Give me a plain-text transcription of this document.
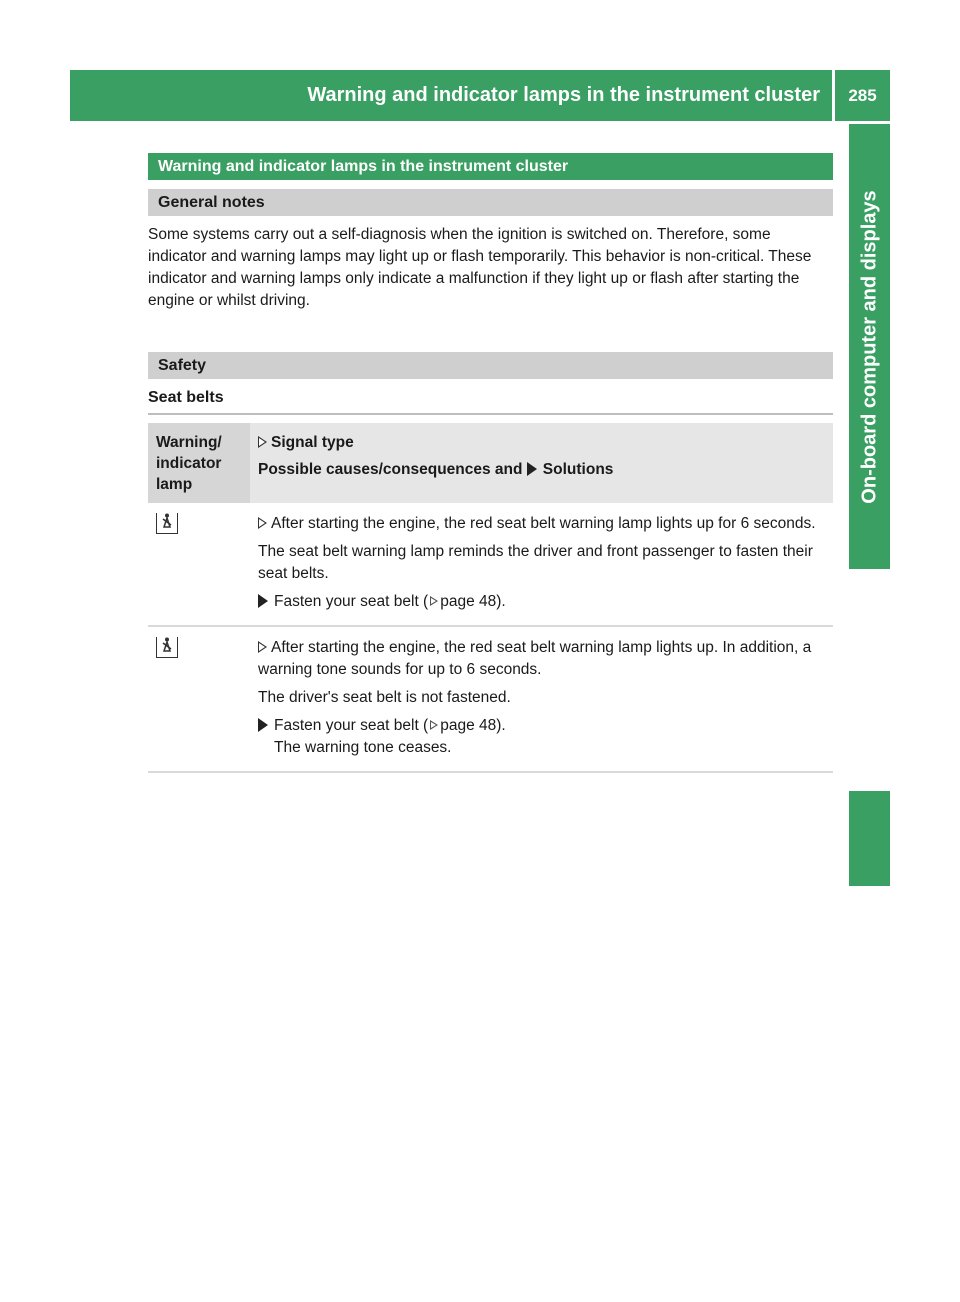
Warning and indicator lamps in the instrument cluster	285
On-board computer and displays
Warning and indicator lamps in the instrument cluster
General notes

Some systems carry out a self-diagnosis when the ignition is switched on. Therefore, some indicator and warning lamps may light up or flash temporarily. This behavior is non-critical. These indicator and warning lamps only indicate a malfunction if they light up or flash after starting the engine or whilst driving.

Safety
Seat belts
Warning/ indicator lamp	Signal type
Possible causes/consequences and Solutions

After starting the engine, the red seat belt warning lamp lights up for 6 seconds.
The seat belt warning lamp reminds the driver and front passenger to fasten their seat belts.
Fasten your seat belt ( page 48).

After starting the engine, the red seat belt warning lamp lights up. In addition, a warning tone sounds for up to 6 seconds.
The driver's seat belt is not fastened.
Fasten your seat belt ( page 48).
The warning tone ceases.
